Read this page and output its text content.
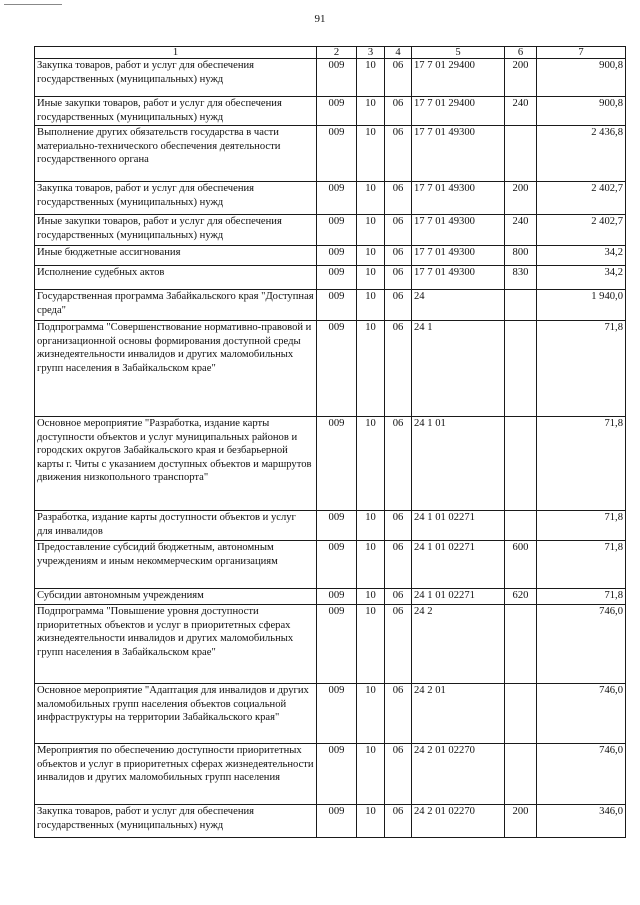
91
1	2	3	4	5	6	7
Закупка товаров, работ и услуг для обеспечения государственных (муниципальных) нужд	009	10	06	17 7 01 29400	200	900,8
Иные закупки товаров, работ и услуг для обеспечения государственных (муниципальных) нужд	009	10	06	17 7 01 29400	240	900,8
Выполнение других обязательств государства в части материально-технического обеспечения деятельности государственного органа	009	10	06	17 7 01 49300		2 436,8
Закупка товаров, работ и услуг для обеспечения государственных (муниципальных) нужд	009	10	06	17 7 01 49300	200	2 402,7
Иные закупки товаров, работ и услуг для обеспечения государственных (муниципальных) нужд	009	10	06	17 7 01 49300	240	2 402,7
Иные бюджетные ассигнования	009	10	06	17 7 01 49300	800	34,2
Исполнение судебных актов	009	10	06	17 7 01 49300	830	34,2
Государственная программа Забайкальского края "Доступная среда"	009	10	06	24		1 940,0
Подпрограмма "Совершенствование нормативно-правовой и организационной основы формирования доступной среды жизнедеятельности инвалидов и других маломобильных групп населения в Забайкальском крае"	009	10	06	24 1		71,8
Основное мероприятие "Разработка, издание карты доступности объектов и услуг муниципальных районов и городских округов Забайкальского края и безбарьерной карты г. Читы с указанием доступных объектов и маршрутов движения низкопольного транспорта"	009	10	06	24 1 01		71,8
Разработка, издание карты доступности объектов и услуг для инвалидов	009	10	06	24 1 01 02271		71,8
Предоставление субсидий бюджетным, автономным учреждениям и иным некоммерческим организациям	009	10	06	24 1 01 02271	600	71,8
Субсидии автономным учреждениям	009	10	06	24 1 01 02271	620	71,8
Подпрограмма "Повышение уровня доступности приоритетных объектов и услуг в приоритетных сферах жизнедеятельности инвалидов и других маломобильных групп населения в Забайкальском крае"	009	10	06	24 2		746,0
Основное мероприятие "Адаптация для инвалидов и других маломобильных групп населения объектов социальной инфраструктуры на территории Забайкальского края"	009	10	06	24 2 01		746,0
Мероприятия по обеспечению доступности приоритетных объектов и услуг в приоритетных сферах жизнедеятельности инвалидов и других маломобильных групп населения	009	10	06	24 2 01 02270		746,0
Закупка товаров, работ и услуг для обеспечения государственных (муниципальных) нужд	009	10	06	24 2 01 02270	200	346,0
